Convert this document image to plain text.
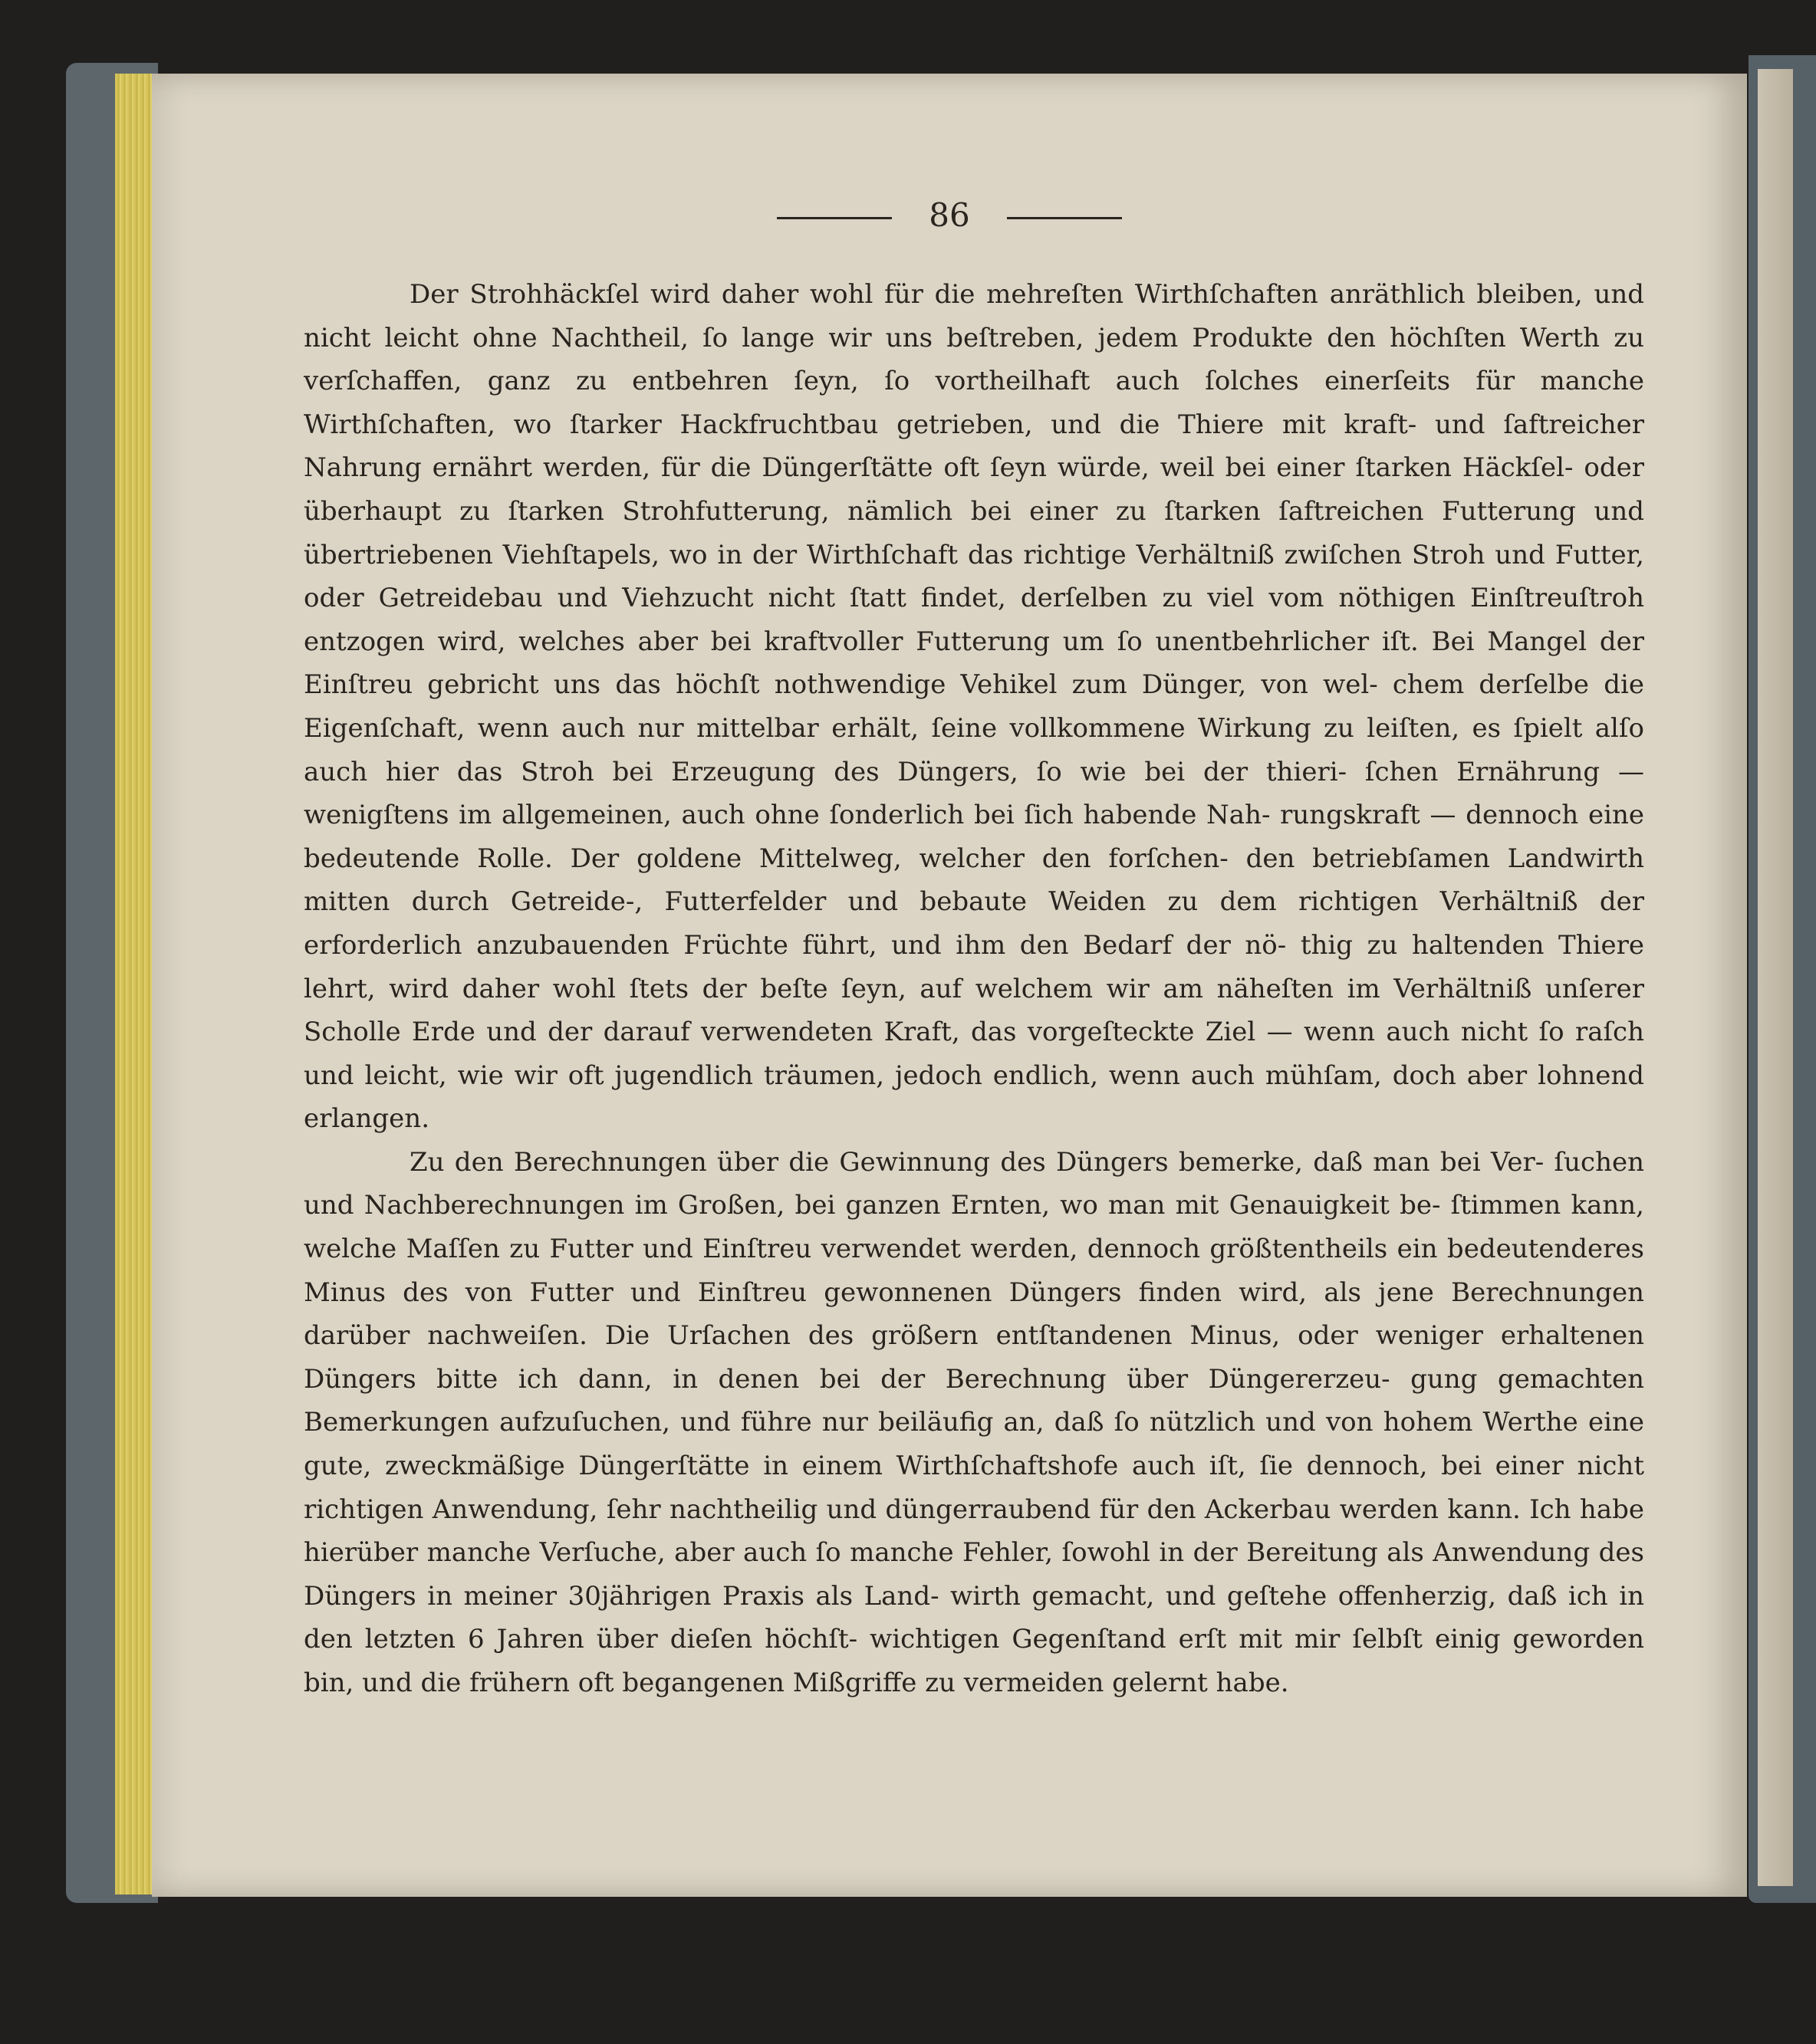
86

Der Strohhäckſel wird daher wohl für die mehreſten Wirthſchaften anräthlich bleiben, und nicht leicht ohne Nachtheil, ſo lange wir uns beſtreben, jedem Produkte den höchſten Werth zu verſchaffen, ganz zu entbehren ſeyn, ſo vortheilhaft auch ſolches einerſeits für manche Wirthſchaften, wo ſtarker Hackfruchtbau getrieben, und die Thiere mit kraft- und ſaftreicher Nahrung ernährt werden, für die Düngerſtätte oft ſeyn würde, weil bei einer ſtarken Häckſel- oder überhaupt zu ſtarken Strohfutterung, nämlich bei einer zu ſtarken ſaftreichen Futterung und übertriebenen Viehſtapels, wo in der Wirthſchaft das richtige Verhältniß zwiſchen Stroh und Futter, oder Getreidebau und Viehzucht nicht ſtatt findet, derſelben zu viel vom nöthigen Einſtreuſtroh entzogen wird, welches aber bei kraftvoller Futterung um ſo unentbehrlicher iſt. Bei Mangel der Einſtreu gebricht uns das höchſt nothwendige Vehikel zum Dünger, von wel- chem derſelbe die Eigenſchaft, wenn auch nur mittelbar erhält, ſeine vollkommene Wirkung zu leiſten, es ſpielt alſo auch hier das Stroh bei Erzeugung des Düngers, ſo wie bei der thieri- ſchen Ernährung — wenigſtens im allgemeinen, auch ohne ſonderlich bei ſich habende Nah- rungskraft — dennoch eine bedeutende Rolle. Der goldene Mittelweg, welcher den forſchen- den betriebſamen Landwirth mitten durch Getreide-, Futterfelder und bebaute Weiden zu dem richtigen Verhältniß der erforderlich anzubauenden Früchte führt, und ihm den Bedarf der nö- thig zu haltenden Thiere lehrt, wird daher wohl ſtets der beſte ſeyn, auf welchem wir am näheſten im Verhältniß unſerer Scholle Erde und der darauf verwendeten Kraft, das vorgeſteckte Ziel — wenn auch nicht ſo raſch und leicht, wie wir oft jugendlich träumen, jedoch endlich, wenn auch mühſam, doch aber lohnend erlangen.

Zu den Berechnungen über die Gewinnung des Düngers bemerke, daß man bei Ver- ſuchen und Nachberechnungen im Großen, bei ganzen Ernten, wo man mit Genauigkeit be- ſtimmen kann, welche Maſſen zu Futter und Einſtreu verwendet werden, dennoch größtentheils ein bedeutenderes Minus des von Futter und Einſtreu gewonnenen Düngers finden wird, als jene Berechnungen darüber nachweiſen. Die Urſachen des größern entſtandenen Minus, oder weniger erhaltenen Düngers bitte ich dann, in denen bei der Berechnung über Düngererzeu- gung gemachten Bemerkungen aufzuſuchen, und führe nur beiläufig an, daß ſo nützlich und von hohem Werthe eine gute, zweckmäßige Düngerſtätte in einem Wirthſchaftshofe auch iſt, ſie dennoch, bei einer nicht richtigen Anwendung, ſehr nachtheilig und düngerraubend für den Ackerbau werden kann. Ich habe hierüber manche Verſuche, aber auch ſo manche Fehler, ſowohl in der Bereitung als Anwendung des Düngers in meiner 30jährigen Praxis als Land- wirth gemacht, und geſtehe offenherzig, daß ich in den letzten 6 Jahren über dieſen höchſt- wichtigen Gegenſtand erſt mit mir ſelbſt einig geworden bin, und die frühern oft begangenen Mißgriffe zu vermeiden gelernt habe.
